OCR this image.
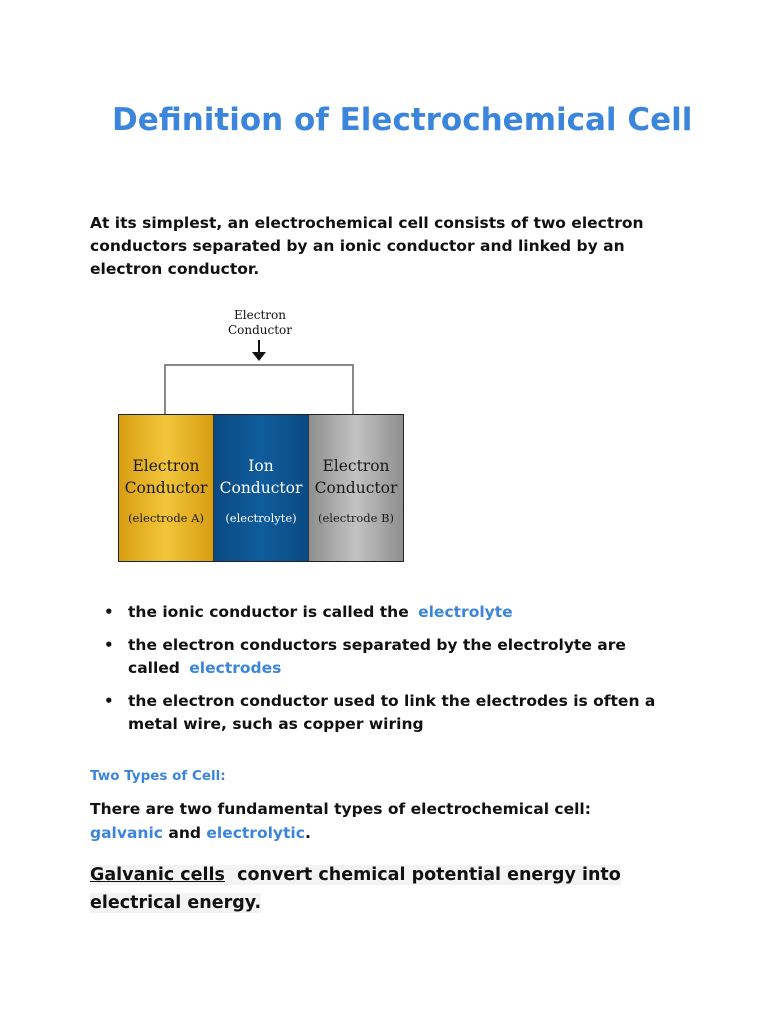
Definition of Electrochemical Cell

At its simplest, an electrochemical cell consists of two electron conductors separated by an ionic conductor and linked by an electron conductor.

Electron
Conductor
Electron
Conductor
(electrode A)
Ion
Conductor
(electrolyte)
Electron
Conductor
(electrode B)
• the ionic conductor is called the electrolyte
• the electron conductors separated by the electrolyte are called electrodes
• the electron conductor used to link the electrodes is often a metal wire, such as copper wiring
Two Types of Cell:

There are two fundamental types of electrochemical cell: galvanic and electrolytic.

Galvanic cells convert chemical potential energy into electrical energy.
